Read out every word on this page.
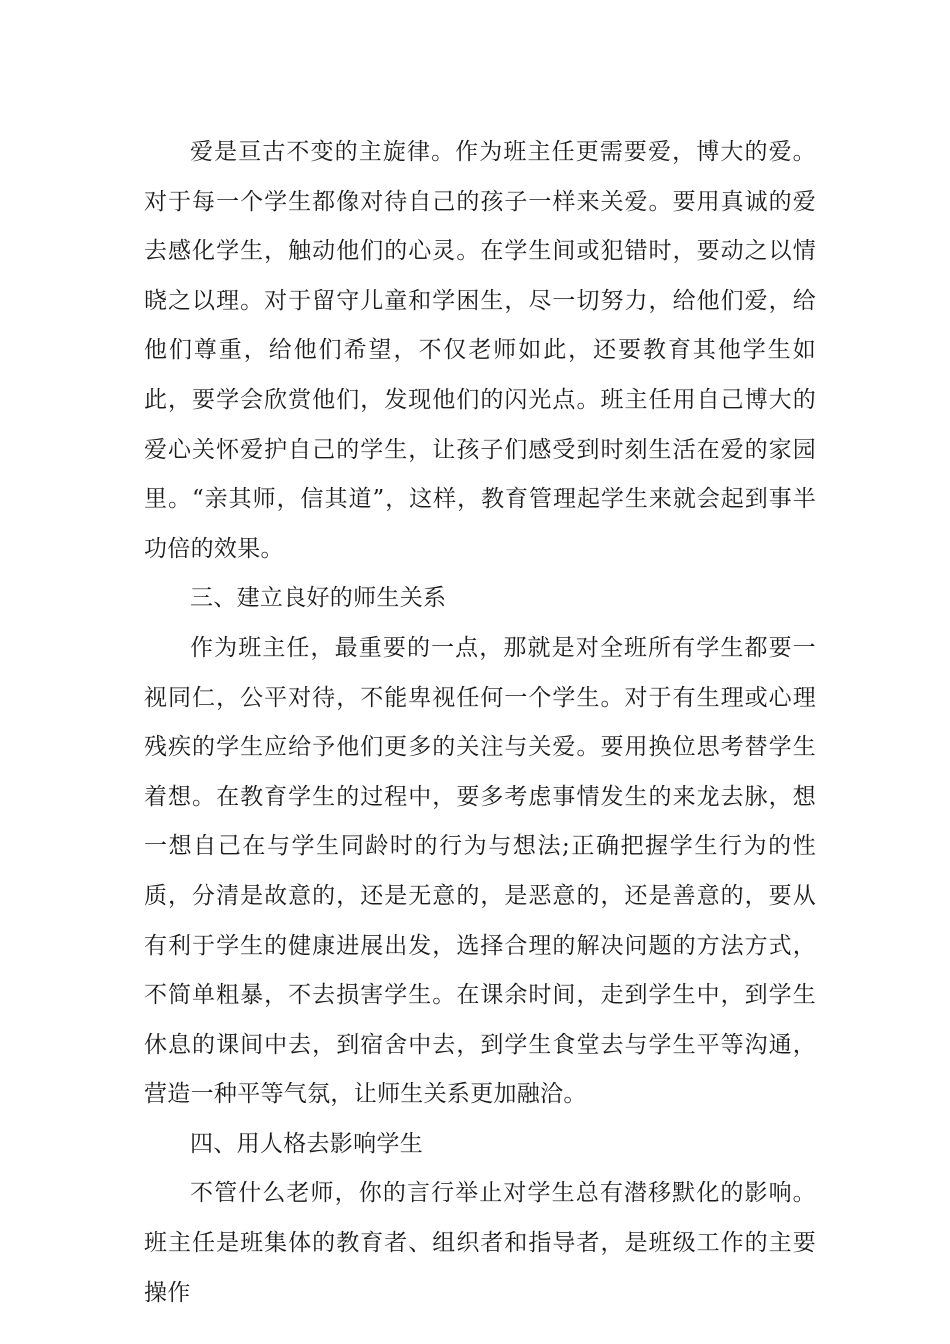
爱是亘古不变的主旋律。作为班主任更需要爱，博大的爱。对于每一个学生都像对待自己的孩子一样来关爱。要用真诚的爱去感化学生，触动他们的心灵。在学生间或犯错时，要动之以情晓之以理。对于留守儿童和学困生，尽一切努力，给他们爱，给他们尊重，给他们希望，不仅老师如此，还要教育其他学生如此，要学会欣赏他们，发现他们的闪光点。班主任用自己博大的爱心关怀爱护自己的学生，让孩子们感受到时刻生活在爱的家园里。“亲其师，信其道”，这样，教育管理起学生来就会起到事半功倍的效果。

三、建立良好的师生关系

作为班主任，最重要的一点，那就是对全班所有学生都要一视同仁，公平对待，不能卑视任何一个学生。对于有生理或心理残疾的学生应给予他们更多的关注与关爱。要用换位思考替学生着想。在教育学生的过程中，要多考虑事情发生的来龙去脉，想一想自己在与学生同龄时的行为与想法;正确把握学生行为的性质，分清是故意的，还是无意的，是恶意的，还是善意的，要从有利于学生的健康进展出发，选择合理的解决问题的方法方式，不简单粗暴，不去损害学生。在课余时间，走到学生中，到学生休息的课间中去，到宿舍中去，到学生食堂去与学生平等沟通，营造一种平等气氛，让师生关系更加融洽。

四、用人格去影响学生

不管什么老师，你的言行举止对学生总有潜移默化的影响。班主任是班集体的教育者、组织者和指导者，是班级工作的主要操作
